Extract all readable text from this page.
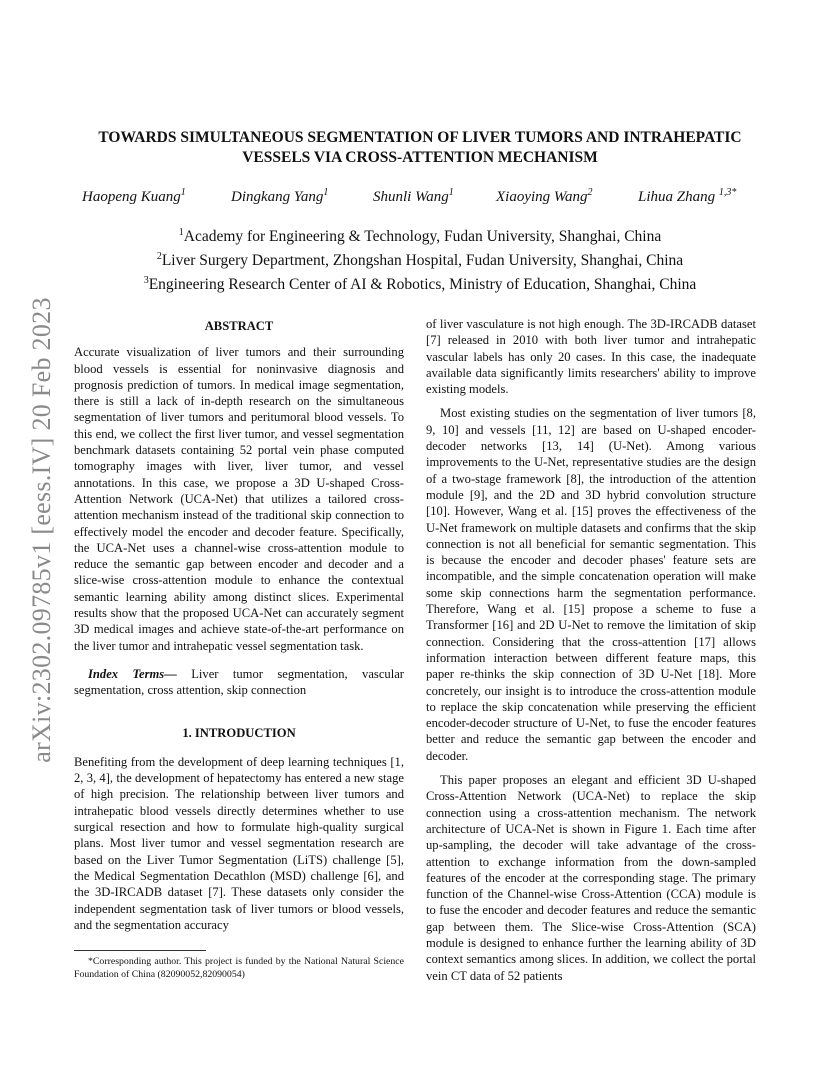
arXiv:2302.09785v1 [eess.IV] 20 Feb 2023
TOWARDS SIMULTANEOUS SEGMENTATION OF LIVER TUMORS AND INTRAHEPATIC VESSELS VIA CROSS-ATTENTION MECHANISM
Haopeng Kuang$^1$	Dingkang Yang$^1$	Shunli Wang$^1$	Xiaoying Wang$^2$	Lihua Zhang $^{1,3*}$
$^1$Academy for Engineering & Technology, Fudan University, Shanghai, China
$^2$Liver Surgery Department, Zhongshan Hospital, Fudan University, Shanghai, China
$^3$Engineering Research Center of AI & Robotics, Ministry of Education, Shanghai, China
ABSTRACT

Accurate visualization of liver tumors and their surrounding blood vessels is essential for noninvasive diagnosis and prognosis prediction of tumors. In medical image segmentation, there is still a lack of in-depth research on the simultaneous segmentation of liver tumors and peritumoral blood vessels. To this end, we collect the first liver tumor, and vessel segmentation benchmark datasets containing 52 portal vein phase computed tomography images with liver, liver tumor, and vessel annotations. In this case, we propose a 3D U-shaped Cross-Attention Network (UCA-Net) that utilizes a tailored cross-attention mechanism instead of the traditional skip connection to effectively model the encoder and decoder feature. Specifically, the UCA-Net uses a channel-wise cross-attention module to reduce the semantic gap between encoder and decoder and a slice-wise cross-attention module to enhance the contextual semantic learning ability among distinct slices. Experimental results show that the proposed UCA-Net can accurately segment 3D medical images and achieve state-of-the-art performance on the liver tumor and intrahepatic vessel segmentation task.

Index Terms— Liver tumor segmentation, vascular segmentation, cross attention, skip connection

1. INTRODUCTION

Benefiting from the development of deep learning techniques [1, 2, 3, 4], the development of hepatectomy has entered a new stage of high precision. The relationship between liver tumors and intrahepatic blood vessels directly determines whether to use surgical resection and how to formulate high-quality surgical plans. Most liver tumor and vessel segmentation research are based on the Liver Tumor Segmentation (LiTS) challenge [5], the Medical Segmentation Decathlon (MSD) challenge [6], and the 3D-IRCADB dataset [7]. These datasets only consider the independent segmentation task of liver tumors or blood vessels, and the segmentation accuracy

of liver vasculature is not high enough. The 3D-IRCADB dataset [7] released in 2010 with both liver tumor and intrahepatic vascular labels has only 20 cases. In this case, the inadequate available data significantly limits researchers' ability to improve existing models.

Most existing studies on the segmentation of liver tumors [8, 9, 10] and vessels [11, 12] are based on U-shaped encoder-decoder networks [13, 14] (U-Net). Among various improvements to the U-Net, representative studies are the design of a two-stage framework [8], the introduction of the attention module [9], and the 2D and 3D hybrid convolution structure [10]. However, Wang et al. [15] proves the effectiveness of the U-Net framework on multiple datasets and confirms that the skip connection is not all beneficial for semantic segmentation. This is because the encoder and decoder phases' feature sets are incompatible, and the simple concatenation operation will make some skip connections harm the segmentation performance. Therefore, Wang et al. [15] propose a scheme to fuse a Transformer [16] and 2D U-Net to remove the limitation of skip connection. Considering that the cross-attention [17] allows information interaction between different feature maps, this paper re-thinks the skip connection of 3D U-Net [18]. More concretely, our insight is to introduce the cross-attention module to replace the skip concatenation while preserving the efficient encoder-decoder structure of U-Net, to fuse the encoder features better and reduce the semantic gap between the encoder and decoder.

This paper proposes an elegant and efficient 3D U-shaped Cross-Attention Network (UCA-Net) to replace the skip connection using a cross-attention mechanism. The network architecture of UCA-Net is shown in Figure 1. Each time after up-sampling, the decoder will take advantage of the cross-attention to exchange information from the down-sampled features of the encoder at the corresponding stage. The primary function of the Channel-wise Cross-Attention (CCA) module is to fuse the encoder and decoder features and reduce the semantic gap between them. The Slice-wise Cross-Attention (SCA) module is designed to enhance further the learning ability of 3D context semantics among slices. In addition, we collect the portal vein CT data of 52 patients

*Corresponding author. This project is funded by the National Natural Science Foundation of China (82090052,82090054)
